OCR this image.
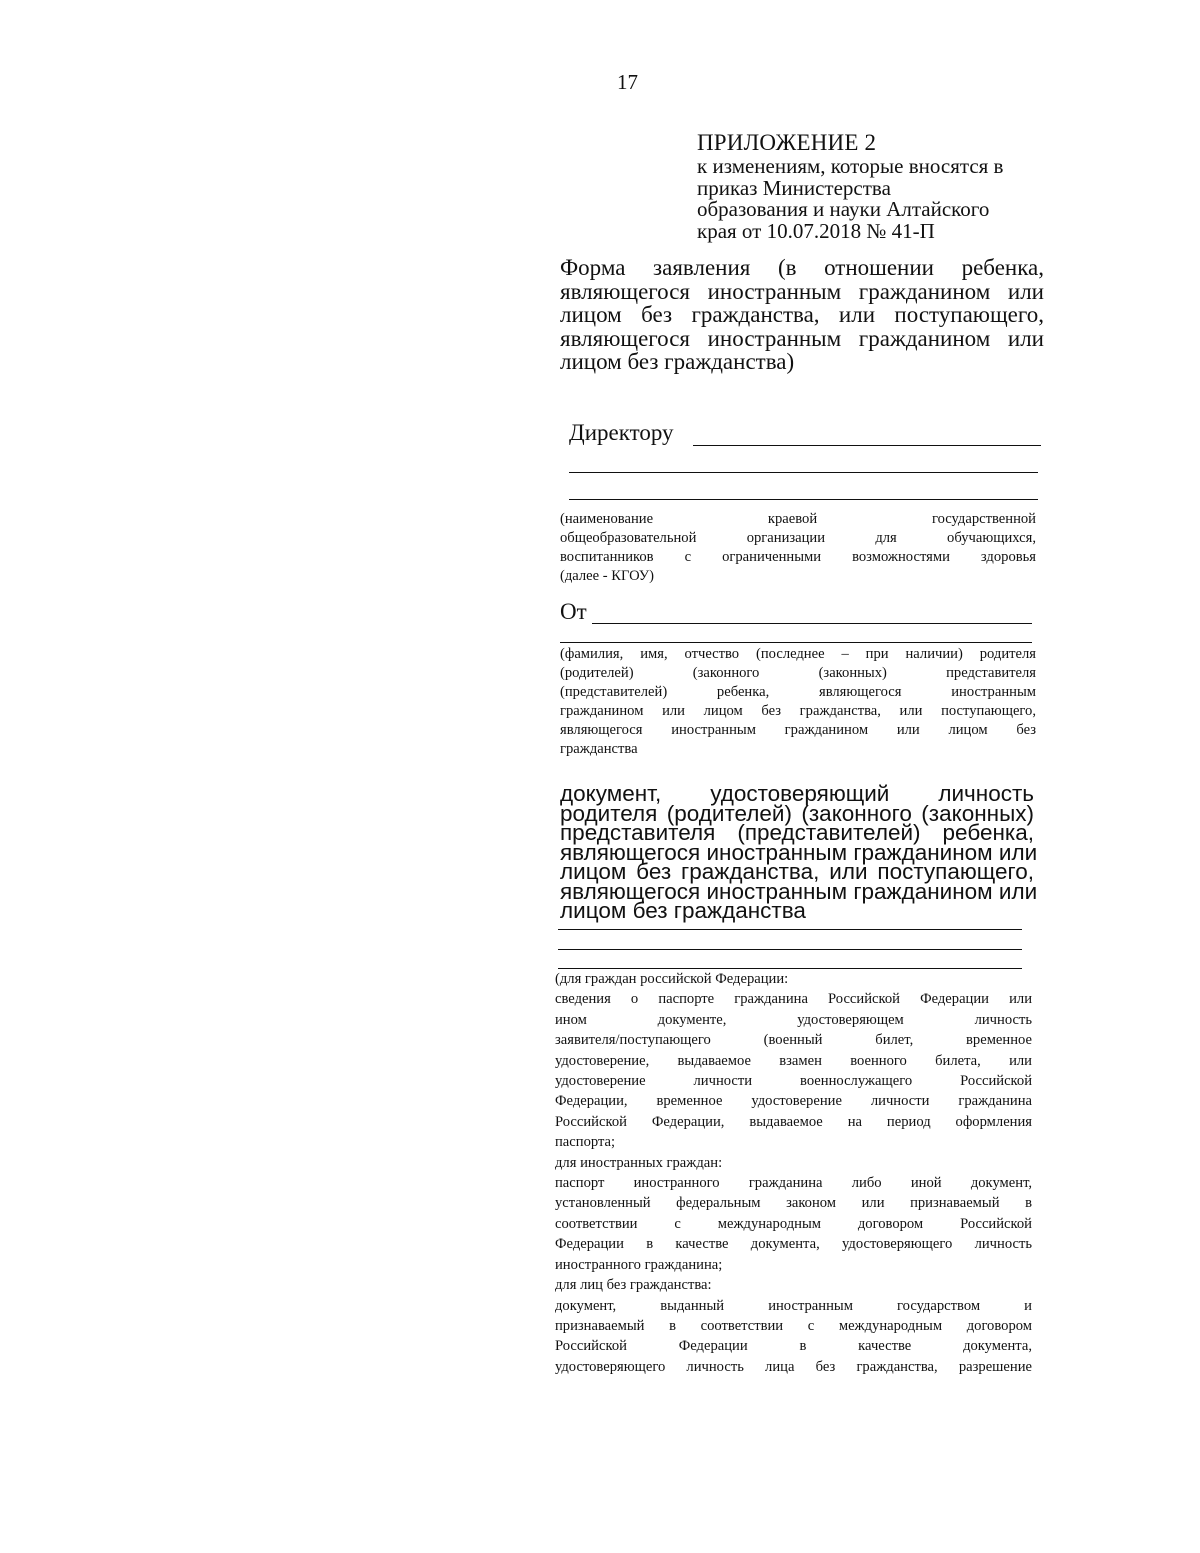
17
ПРИЛОЖЕНИЕ 2
к изменениям, которые вносятся в
приказ Министерства
образования и науки Алтайского
края от 10.07.2018 № 41-П
Форма заявления (в отношении ребенка,
являющегося иностранным гражданином или
лицом без гражданства, или поступающего,
являющегося иностранным гражданином или
лицом без гражданства)
Директору
(наименование краевой государственной
общеобразовательной организации для обучающихся,
воспитанников с ограниченными возможностями здоровья
(далее - КГОУ)
От
(фамилия, имя, отчество (последнее – при наличии) родителя
(родителей) (законного (законных) представителя
(представителей) ребенка, являющегося иностранным
гражданином или лицом без гражданства, или поступающего,
являющегося иностранным гражданином или лицом без
гражданства
документ, удостоверяющий личность
родителя (родителей) (законного (законных)
представителя (представителей) ребенка,
являющегося иностранным гражданином или
лицом без гражданства, или поступающего,
являющегося иностранным гражданином или
лицом без гражданства
(для граждан российской Федерации:
сведения о паспорте гражданина Российской Федерации или
ином документе, удостоверяющем личность
заявителя/поступающего (военный билет, временное
удостоверение, выдаваемое взамен военного билета, или
удостоверение личности военнослужащего Российской
Федерации, временное удостоверение личности гражданина
Российской Федерации, выдаваемое на период оформления
паспорта;
для иностранных граждан:
паспорт иностранного гражданина либо иной документ,
установленный федеральным законом или признаваемый в
соответствии с международным договором Российской
Федерации в качестве документа, удостоверяющего личность
иностранного гражданина;
для лиц без гражданства:
документ, выданный иностранным государством и
признаваемый в соответствии с международным договором
Российской Федерации в качестве документа,
удостоверяющего личность лица без гражданства, разрешение
